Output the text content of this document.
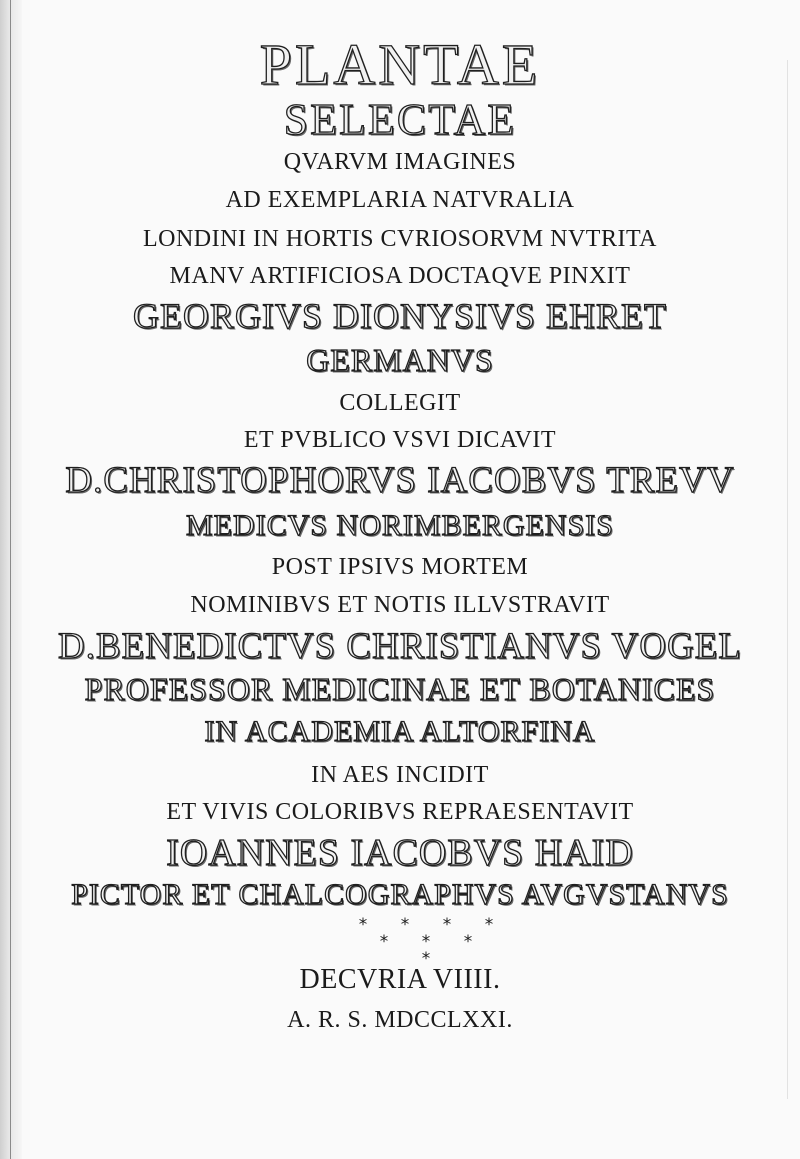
PLANTAE
SELECTAE

QVARVM IMAGINES

AD EXEMPLARIA NATVRALIA

LONDINI IN HORTIS CVRIOSORVM NVTRITA

MANV ARTIFICIOSA DOCTAQVE PINXIT

GEORGIVS DIONYSIVS EHRET

GERMANVS

COLLEGIT

ET PVBLICO VSVI DICAVIT

D.CHRISTOPHORVS IACOBVS TREVV

MEDICVS NORIMBERGENSIS

POST IPSIVS MORTEM

NOMINIBVS ET NOTIS ILLVSTRAVIT

D.BENEDICTVS CHRISTIANVS VOGEL

PROFESSOR MEDICINAE ET BOTANICES

IN ACADEMIA ALTORFINA

IN AES INCIDIT

ET VIVIS COLORIBVS REPRAESENTAVIT

IOANNES IACOBVS HAID

PICTOR ET CHALCOGRAPHVS AVGVSTANVS

* * * *
* * *
*

DECVRIA VIIII.

A. R. S. MDCCLXXI.
